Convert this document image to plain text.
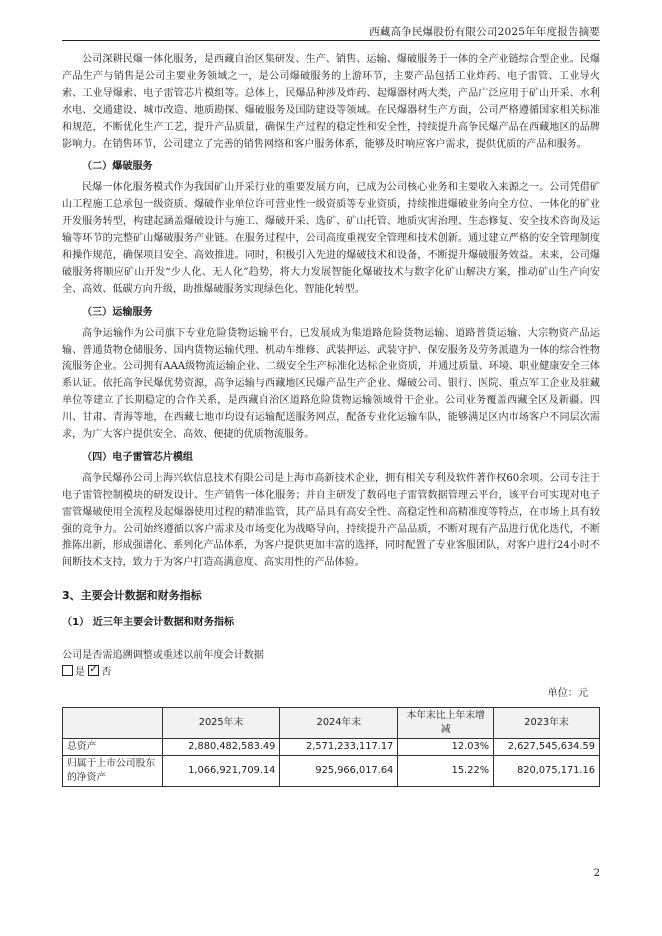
西藏高争民爆股份有限公司2025年年度报告摘要

公司深耕民爆一体化服务，是西藏自治区集研发、生产、销售、运输、爆破服务于一体的全产业链综合型企业。民爆产品生产与销售是公司主要业务领域之一，是公司爆破服务的上游环节，主要产品包括工业炸药、电子雷管、工业导火索、工业导爆索、电子雷管芯片模组等。总体上，民爆品种涉及炸药、起爆器材两大类，产品广泛应用于矿山开采、水利水电、交通建设、城市改造、地质勘探、爆破服务及国防建设等领域。在民爆器材生产方面，公司严格遵循国家相关标准和规范，不断优化生产工艺，提升产品质量，确保生产过程的稳定性和安全性，持续提升高争民爆产品在西藏地区的品牌影响力。在销售环节，公司建立了完善的销售网络和客户服务体系，能够及时响应客户需求，提供优质的产品和服务。

（二）爆破服务

民爆一体化服务模式作为我国矿山开采行业的重要发展方向，已成为公司核心业务和主要收入来源之一。公司凭借矿山工程施工总承包一级资质、爆破作业单位许可营业性一级资质等专业资质，持续推进爆破业务向全方位、一体化的矿业开发服务转型，构建起涵盖爆破设计与施工、爆破开采、选矿、矿山托管、地质灾害治理、生态修复、安全技术咨询及运输等环节的完整矿山爆破服务产业链。在服务过程中，公司高度重视安全管理和技术创新。通过建立严格的安全管理制度和操作规范，确保项目安全、高效推进。同时，积极引入先进的爆破技术和设备，不断提升爆破服务效益。未来，公司爆破服务将顺应矿山开发“少人化、无人化”趋势，将大力发展智能化爆破技术与数字化矿山解决方案，推动矿山生产向安全、高效、低碳方向升级，助推爆破服务实现绿色化、智能化转型。

（三）运输服务

高争运输作为公司旗下专业危险货物运输平台，已发展成为集道路危险货物运输、道路普货运输、大宗物资产品运输、普通货物仓储服务、国内货物运输代理、机动车维修、武装押运、武装守护、保安服务及劳务派遣为一体的综合性物流服务企业。公司拥有AAA级物流运输企业、二级安全生产标准化达标企业资质，并通过质量、环境、职业健康安全三体系认证。依托高争民爆优势资源，高争运输与西藏地区民爆产品生产企业、爆破公司、银行、医院、重点军工企业及驻藏单位等建立了长期稳定的合作关系，是西藏自治区道路危险货物运输领域骨干企业。公司业务覆盖西藏全区及新疆、四川、甘肃、青海等地，在西藏七地市均设有运输配送服务网点，配备专业化运输车队，能够满足区内市场客户不同层次需求，为广大客户提供安全、高效、便捷的优质物流服务。

（四）电子雷管芯片模组

高争民爆孙公司上海兴软信息技术有限公司是上海市高新技术企业，拥有相关专利及软件著作权60余项。公司专注于电子雷管控制模块的研发设计、生产销售一体化服务；并自主研发了数码电子雷管数据管理云平台，该平台可实现对电子雷管爆破使用全流程及起爆器使用过程的精准监管，其产品具有高安全性、高稳定性和高精准度等特点，在市场上具有较强的竞争力。公司始终遵循以客户需求及市场变化为战略导向，持续提升产品品质，不断对现有产品进行优化迭代，不断推陈出新，形成强谱化、系列化产品体系，为客户提供更加丰富的选择，同时配置了专业客服团队，对客户进行24小时不间断技术支持，致力于为客户打造高满意度、高实用性的产品体验。

3、主要会计数据和财务指标
（1） 近三年主要会计数据和财务指标

公司是否需追溯调整或重述以前年度会计数据

是 ✓ 否

单位：元
	2025年末	2024年末	本年末比上年末增减	2023年末
总资产	2,880,482,583.49	2,571,233,117.17	12.03%	2,627,545,634.59
归属于上市公司股东的净资产	1,066,921,709.14	925,966,017.64	15.22%	820,075,171.16
2
